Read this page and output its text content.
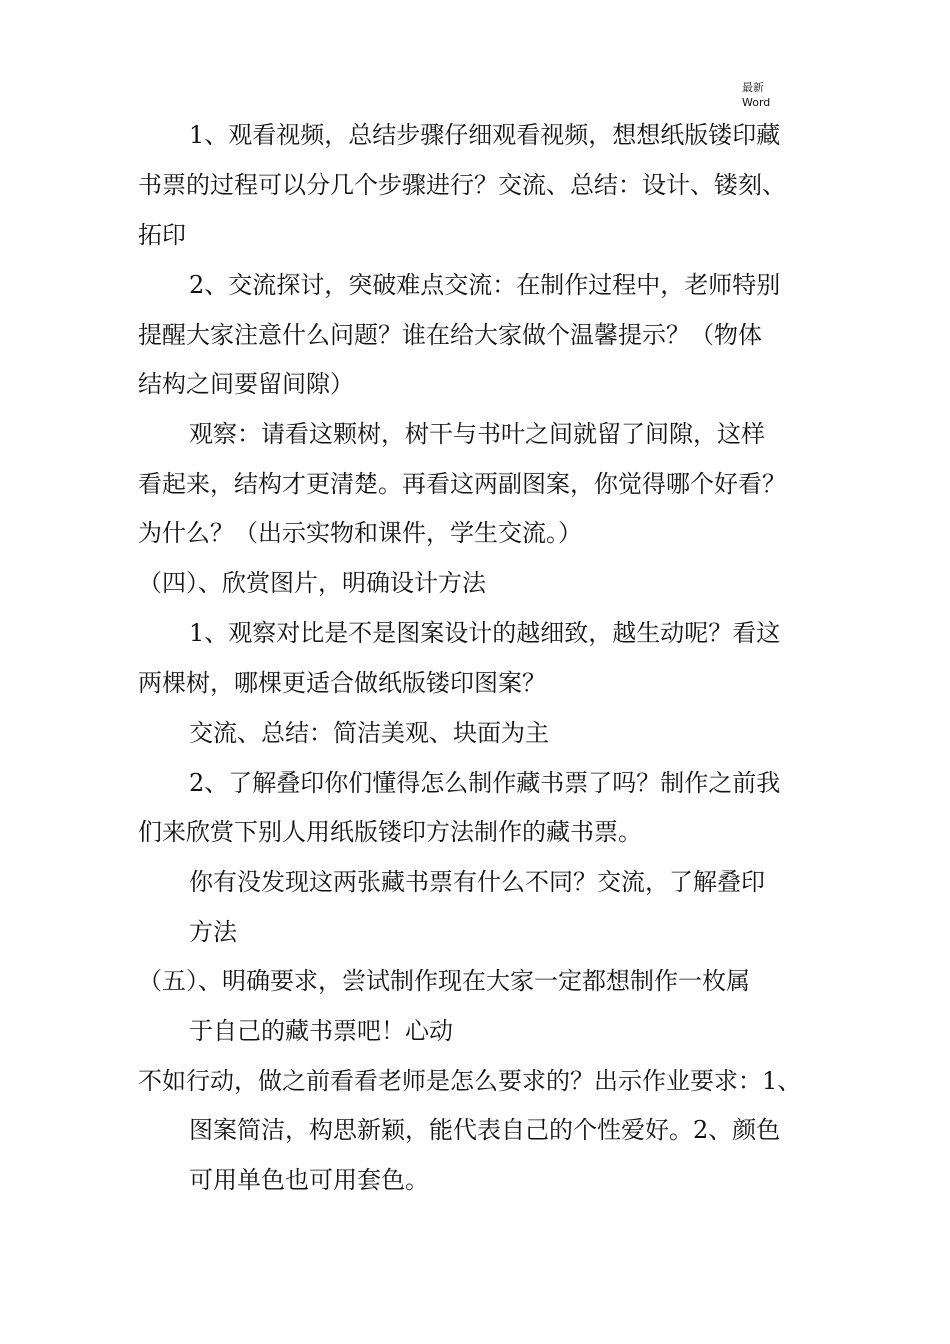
最新
Word
1、观看视频，总结步骤仔细观看视频，想想纸版镂印藏
书票的过程可以分几个步骤进行？交流、总结：设计、镂刻、
拓印
2、交流探讨，突破难点交流：在制作过程中，老师特别
提醒大家注意什么问题？谁在给大家做个温馨提示？（物体
结构之间要留间隙）
观察：请看这颗树，树干与书叶之间就留了间隙，这样
看起来，结构才更清楚。再看这两副图案，你觉得哪个好看？
为什么？（出示实物和课件，学生交流。）
（四）、欣赏图片，明确设计方法
1、观察对比是不是图案设计的越细致，越生动呢？看这
两棵树，哪棵更适合做纸版镂印图案？
交流、总结：简洁美观、块面为主
2、了解叠印你们懂得怎么制作藏书票了吗？制作之前我
们来欣赏下别人用纸版镂印方法制作的藏书票。
你有没发现这两张藏书票有什么不同？交流，了解叠印
方法
（五）、明确要求，尝试制作现在大家一定都想制作一枚属
于自己的藏书票吧！心动
不如行动，做之前看看老师是怎么要求的？出示作业要求：1、
图案简洁，构思新颖，能代表自己的个性爱好。2、颜色
可用单色也可用套色。
